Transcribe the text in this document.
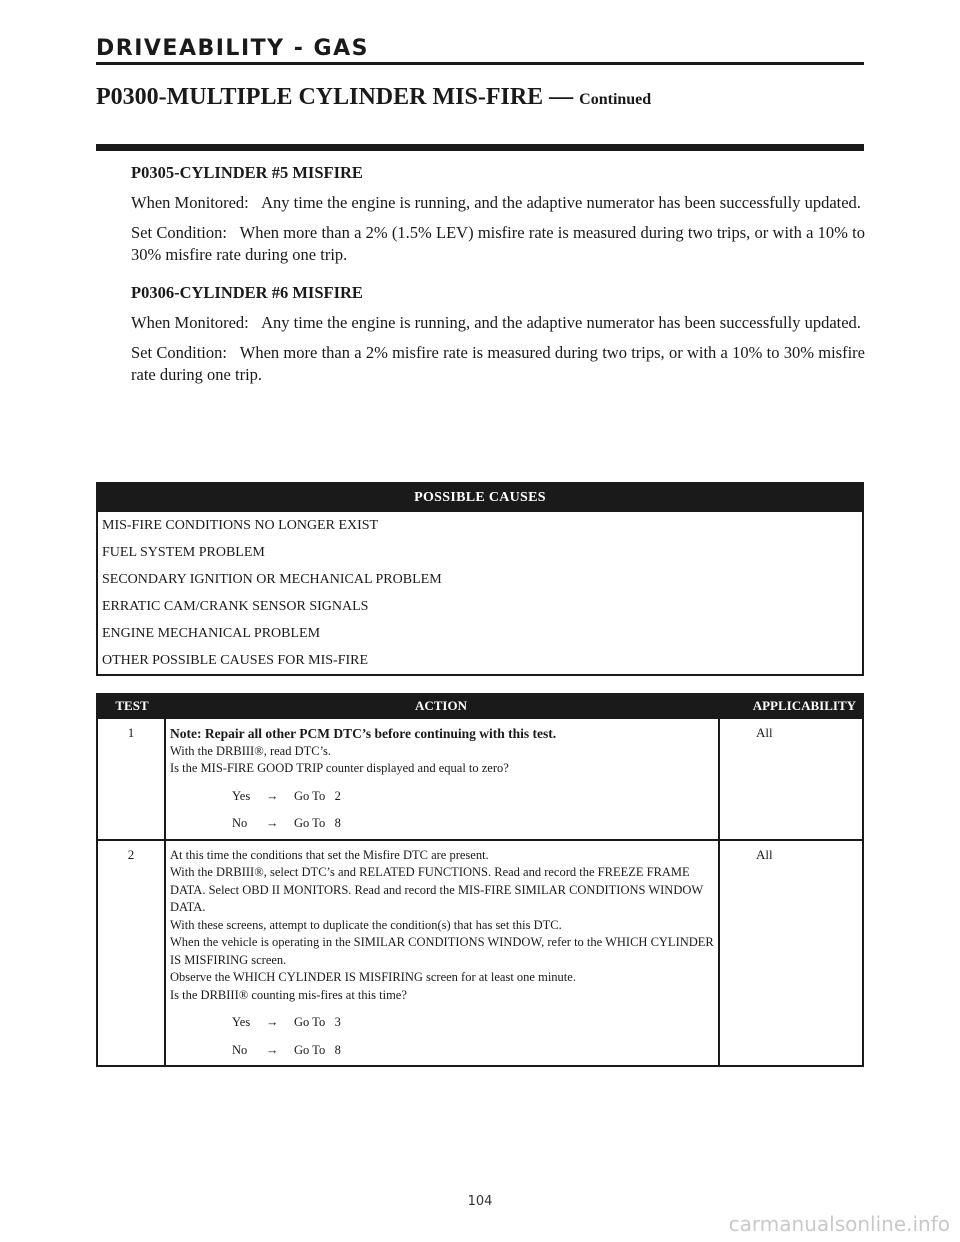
DRIVEABILITY - GAS
P0300-MULTIPLE CYLINDER MIS-FIRE — Continued

P0305-CYLINDER #5 MISFIRE

When Monitored:   Any time the engine is running, and the adaptive numerator has been successfully updated.

Set Condition:   When more than a 2% (1.5% LEV) misfire rate is measured during two trips, or with a 10% to 30% misfire rate during one trip.

P0306-CYLINDER #6 MISFIRE

When Monitored:   Any time the engine is running, and the adaptive numerator has been successfully updated.

Set Condition:   When more than a 2% misfire rate is measured during two trips, or with a 10% to 30% misfire rate during one trip.

POSSIBLE CAUSES
MIS-FIRE CONDITIONS NO LONGER EXIST
FUEL SYSTEM PROBLEM
SECONDARY IGNITION OR MECHANICAL PROBLEM
ERRATIC CAM/CRANK SENSOR SIGNALS
ENGINE MECHANICAL PROBLEM
OTHER POSSIBLE CAUSES FOR MIS-FIRE
TEST	ACTION	APPLICABILITY
1	Note: Repair all other PCM DTC’s before continuing with this test.
With the DRBIII®, read DTC’s.
Is the MIS-FIRE GOOD TRIP counter displayed and equal to zero?
Yes	→	Go To   2
No	→	Go To   8
All
2	At this time the conditions that set the Misfire DTC are present.
With the DRBIII®, select DTC’s and RELATED FUNCTIONS. Read and record the FREEZE FRAME DATA. Select OBD II MONITORS. Read and record the MIS-FIRE SIMILAR CONDITIONS WINDOW DATA.
With these screens, attempt to duplicate the condition(s) that has set this DTC.
When the vehicle is operating in the SIMILAR CONDITIONS WINDOW, refer to the WHICH CYLINDER IS MISFIRING screen.
Observe the WHICH CYLINDER IS MISFIRING screen for at least one minute.
Is the DRBIII® counting mis-fires at this time?
Yes	→	Go To   3
No	→	Go To   8
All
104
carmanualsonline.info
